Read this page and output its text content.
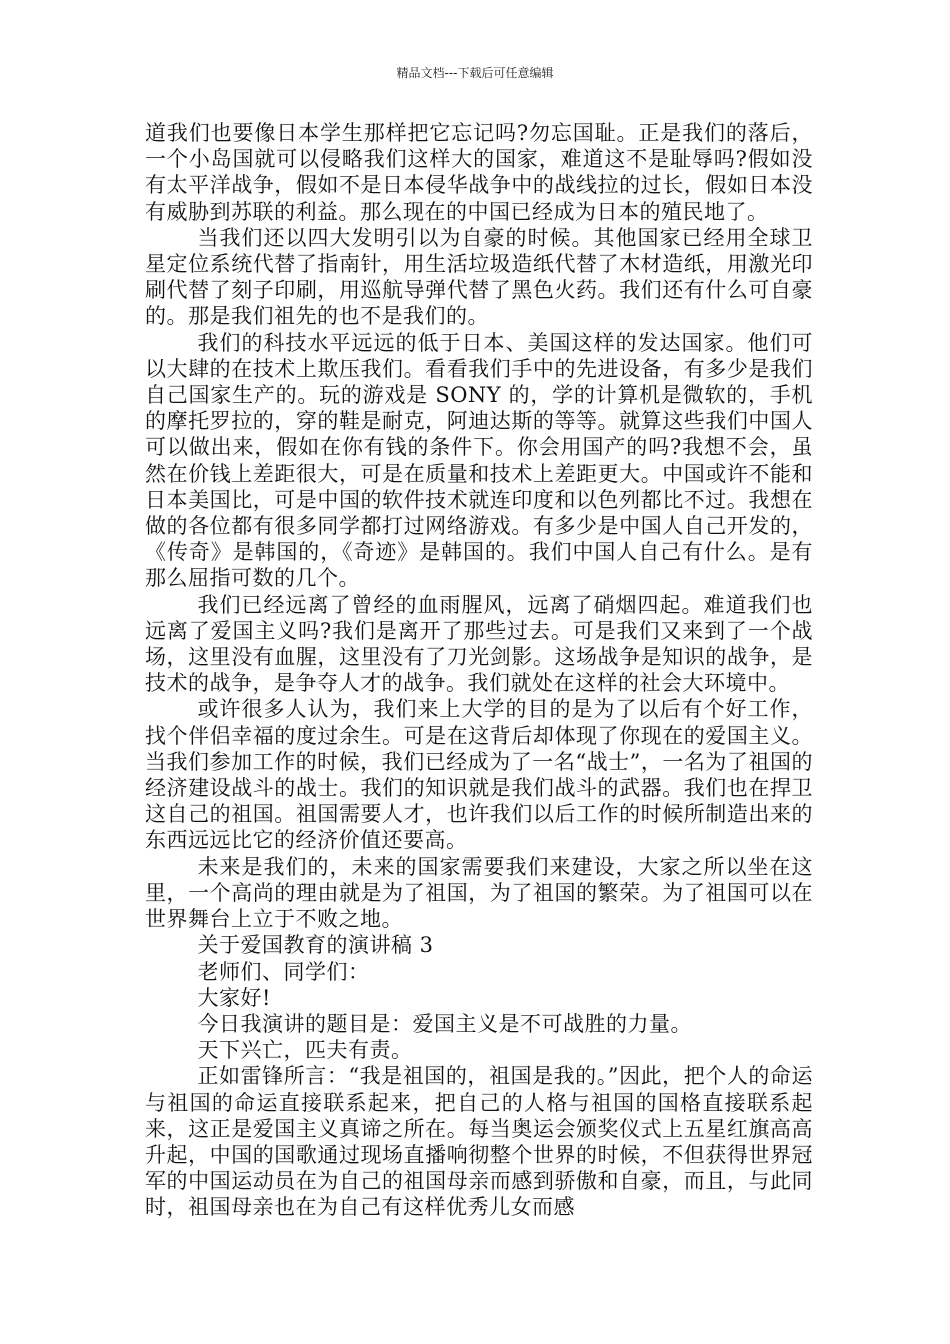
精品文档---下载后可任意编辑

道我们也要像日本学生那样把它忘记吗?勿忘国耻。正是我们的落后，一个小岛国就可以侵略我们这样大的国家，难道这不是耻辱吗?假如没有太平洋战争，假如不是日本侵华战争中的战线拉的过长，假如日本没有威胁到苏联的利益。那么现在的中国已经成为日本的殖民地了。

当我们还以四大发明引以为自豪的时候。其他国家已经用全球卫星定位系统代替了指南针，用生活垃圾造纸代替了木材造纸，用激光印刷代替了刻子印刷，用巡航导弹代替了黑色火药。我们还有什么可自豪的。那是我们祖先的也不是我们的。

我们的科技水平远远的低于日本、美国这样的发达国家。他们可以大肆的在技术上欺压我们。看看我们手中的先进设备，有多少是我们自己国家生产的。玩的游戏是 SONY 的，学的计算机是微软的，手机的摩托罗拉的，穿的鞋是耐克，阿迪达斯的等等。就算这些我们中国人可以做出来，假如在你有钱的条件下。你会用国产的吗?我想不会，虽然在价钱上差距很大，可是在质量和技术上差距更大。中国或许不能和日本美国比，可是中国的软件技术就连印度和以色列都比不过。我想在做的各位都有很多同学都打过网络游戏。有多少是中国人自己开发的，《传奇》是韩国的，《奇迹》是韩国的。我们中国人自己有什么。是有那么屈指可数的几个。

我们已经远离了曾经的血雨腥风，远离了硝烟四起。难道我们也远离了爱国主义吗?我们是离开了那些过去。可是我们又来到了一个战场，这里没有血腥，这里没有了刀光剑影。这场战争是知识的战争，是技术的战争，是争夺人才的战争。我们就处在这样的社会大环境中。

或许很多人认为，我们来上大学的目的是为了以后有个好工作，找个伴侣幸福的度过余生。可是在这背后却体现了你现在的爱国主义。当我们参加工作的时候，我们已经成为了一名“战士”，一名为了祖国的经济建设战斗的战士。我们的知识就是我们战斗的武器。我们也在捍卫这自己的祖国。祖国需要人才，也许我们以后工作的时候所制造出来的东西远远比它的经济价值还要高。

未来是我们的，未来的国家需要我们来建设，大家之所以坐在这里，一个高尚的理由就是为了祖国，为了祖国的繁荣。为了祖国可以在世界舞台上立于不败之地。

关于爱国教育的演讲稿 3

老师们、同学们：

大家好!

今日我演讲的题目是：爱国主义是不可战胜的力量。

天下兴亡，匹夫有责。

正如雷锋所言：“我是祖国的，祖国是我的。”因此，把个人的命运与祖国的命运直接联系起来，把自己的人格与祖国的国格直接联系起来，这正是爱国主义真谛之所在。每当奥运会颁奖仪式上五星红旗高高升起，中国的国歌通过现场直播响彻整个世界的时候，不但获得世界冠军的中国运动员在为自己的祖国母亲而感到骄傲和自豪，而且，与此同时，祖国母亲也在为自己有这样优秀儿女而感
